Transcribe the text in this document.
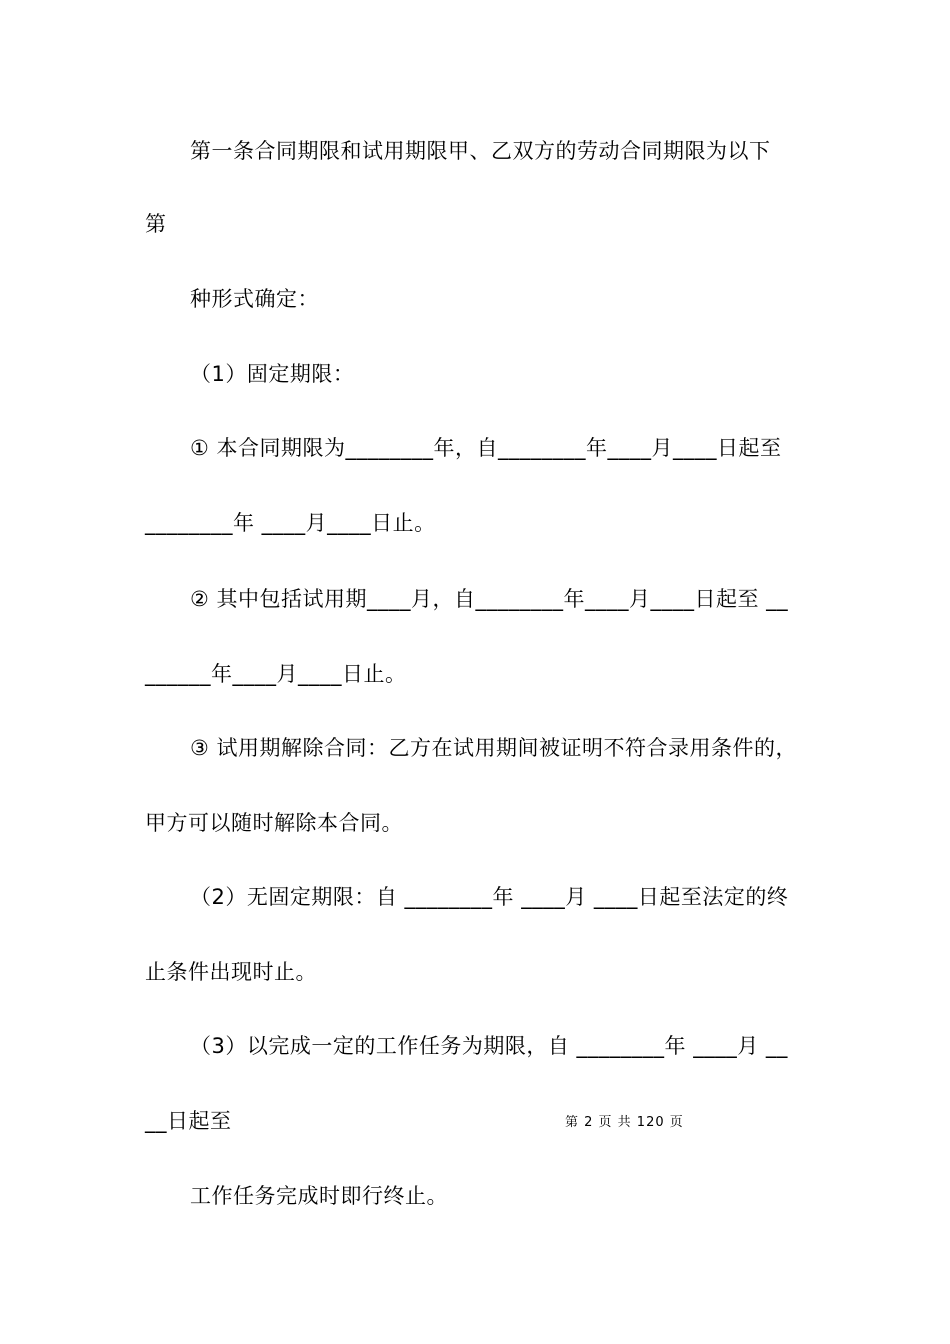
第一条合同期限和试用期限甲、乙双方的劳动合同期限为以下
第
种形式确定：
（1）固定期限：
① 本合同期限为________年，自________年____月____日起至
________年 ____月____日止。
② 其中包括试用期____月，自________年____月____日起至 __
______年____月____日止。
③ 试用期解除合同：乙方在试用期间被证明不符合录用条件的，
甲方可以随时解除本合同。
（2）无固定期限：自 ________年 ____月 ____日起至法定的终
止条件出现时止。
（3）以完成一定的工作任务为期限，自 ________年 ____月 __
__日起至	第 2 页 共 120 页
工作任务完成时即行终止。
